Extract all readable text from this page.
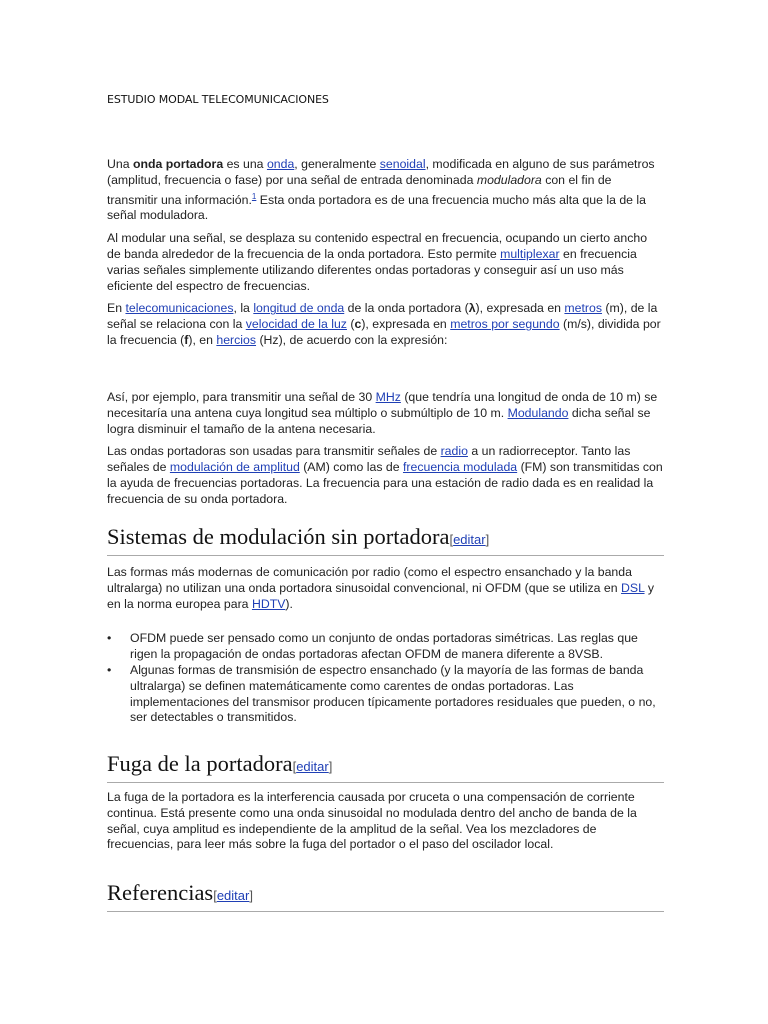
ESTUDIO MODAL TELECOMUNICACIONES

Una onda portadora es una onda, generalmente senoidal, modificada en alguno de sus parámetros (amplitud, frecuencia o fase) por una señal de entrada denominada moduladora con el fin de transmitir una información.$^1$ Esta onda portadora es de una frecuencia mucho más alta que la de la señal moduladora.

Al modular una señal, se desplaza su contenido espectral en frecuencia, ocupando un cierto ancho de banda alrededor de la frecuencia de la onda portadora. Esto permite multiplexar en frecuencia varias señales simplemente utilizando diferentes ondas portadoras y conseguir así un uso más eficiente del espectro de frecuencias.

En telecomunicaciones, la longitud de onda de la onda portadora (λ), expresada en metros (m), de la señal se relaciona con la velocidad de la luz (c), expresada en metros por segundo (m/s), dividida por la frecuencia (f), en hercios (Hz), de acuerdo con la expresión:

Así, por ejemplo, para transmitir una señal de 30 MHz (que tendría una longitud de onda de 10 m) se necesitaría una antena cuya longitud sea múltiplo o submúltiplo de 10 m. Modulando dicha señal se logra disminuir el tamaño de la antena necesaria.

Las ondas portadoras son usadas para transmitir señales de radio a un radiorreceptor. Tanto las señales de modulación de amplitud (AM) como las de frecuencia modulada (FM) son transmitidas con la ayuda de frecuencias portadoras. La frecuencia para una estación de radio dada es en realidad la frecuencia de su onda portadora.

Sistemas de modulación sin portadora[editar]

Las formas más modernas de comunicación por radio (como el espectro ensanchado y la banda ultralarga) no utilizan una onda portadora sinusoidal convencional, ni OFDM (que se utiliza en DSL y en la norma europea para HDTV).

• OFDM puede ser pensado como un conjunto de ondas portadoras simétricas. Las reglas que rigen la propagación de ondas portadoras afectan OFDM de manera diferente a 8VSB.
• Algunas formas de transmisión de espectro ensanchado (y la mayoría de las formas de banda ultralarga) se definen matemáticamente como carentes de ondas portadoras. Las implementaciones del transmisor producen típicamente portadores residuales que pueden, o no, ser detectables o transmitidos.
Fuga de la portadora[editar]

La fuga de la portadora es la interferencia causada por cruceta o una compensación de corriente continua. Está presente como una onda sinusoidal no modulada dentro del ancho de banda de la señal, cuya amplitud es independiente de la amplitud de la señal. Vea los mezcladores de frecuencias, para leer más sobre la fuga del portador o el paso del oscilador local.

Referencias[editar]
